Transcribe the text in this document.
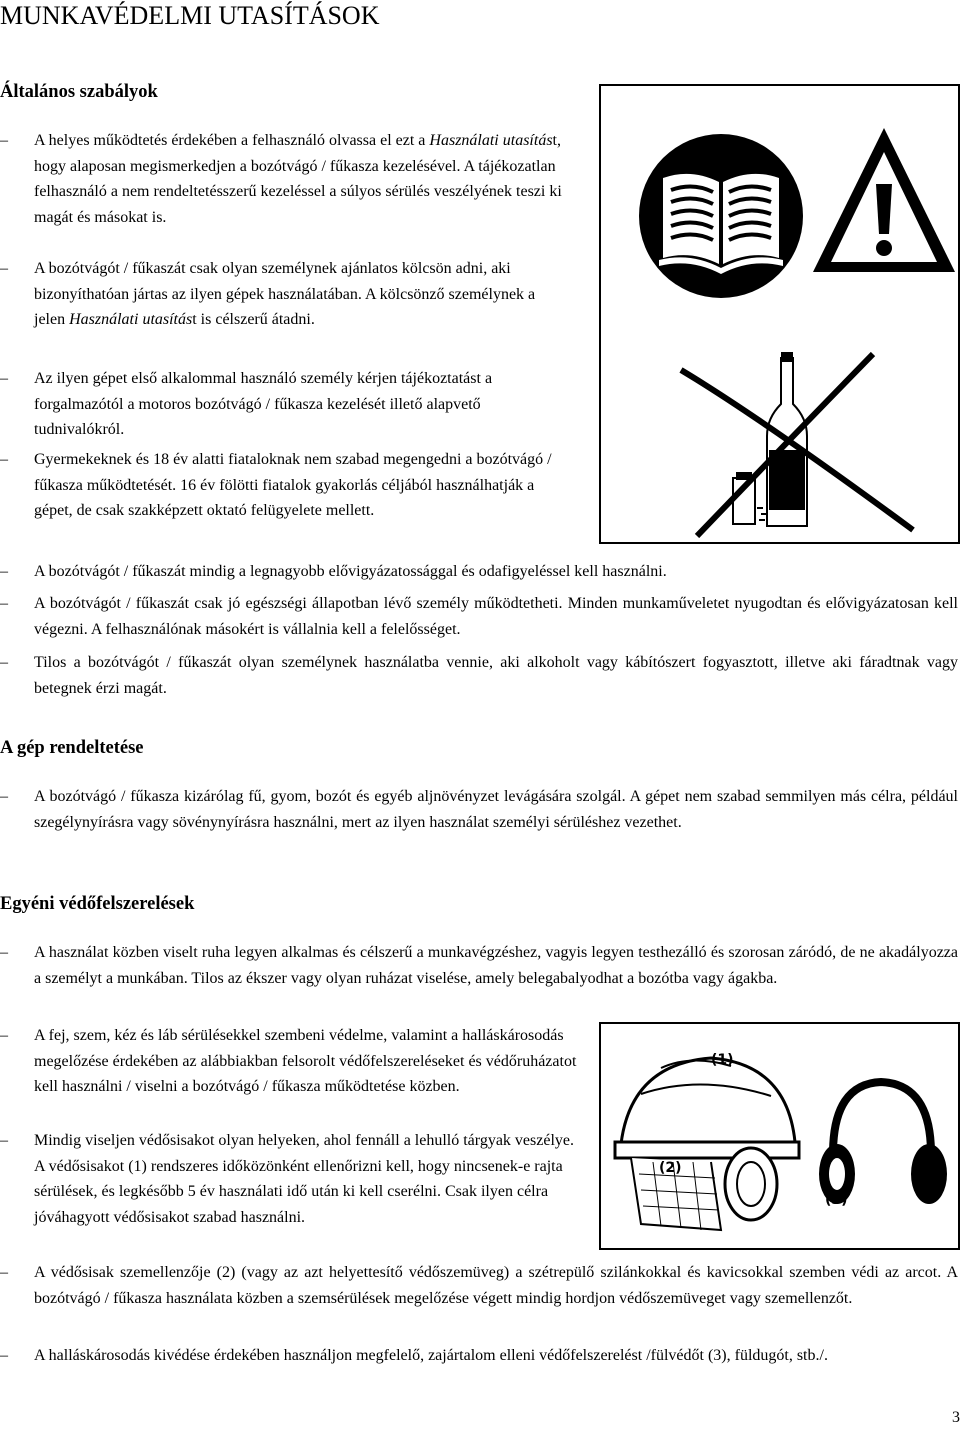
MUNKAVÉDELMI UTASÍTÁSOK
Általános szabályok
– A helyes működtetés érdekében a felhasználó olvassa el ezt a Használati utasítást, hogy alaposan megismerkedjen a bozótvágó / fűkasza kezelésével. A tájékozatlan felhasználó a nem rendeltetésszerű kezeléssel a súlyos sérülés veszélyének teszi ki magát és másokat is.

– A bozótvágót / fűkaszát csak olyan személynek ajánlatos kölcsön adni, aki bizonyíthatóan jártas az ilyen gépek használatában. A kölcsönző személynek a jelen Használati utasítást is célszerű átadni.

– Az ilyen gépet első alkalommal használó személy kérjen tájékoztatást a forgalmazótól a motoros bozótvágó / fűkasza kezelését illető alapvető tudnivalókról.

– Gyermekeknek és 18 év alatti fiataloknak nem szabad megengedni a bozótvágó / fűkasza működtetését. 16 év fölötti fiatalok gyakorlás céljából használhatják a gépet, de csak szakképzett oktató felügyelete mellett.

– A bozótvágót / fűkaszát mindig a legnagyobb elővigyázatossággal és odafigyeléssel kell használni.

– A bozótvágót / fűkaszát csak jó egészségi állapotban lévő személy működtetheti. Minden munkaműveletet nyugodtan és elővigyázatosan kell végezni. A felhasználónak másokért is vállalnia kell a felelősséget.

– Tilos a bozótvágót / fűkaszát olyan személynek használatba vennie, aki alkoholt vagy kábítószert fogyasztott, illetve aki fáradtnak vagy betegnek érzi magát.

A gép rendeltetése
– A bozótvágó / fűkasza kizárólag fű, gyom, bozót és egyéb aljnövényzet levágására szolgál. A gépet nem szabad semmilyen más célra, például szegélynyírásra vagy sövénynyírásra használni, mert az ilyen használat személyi sérüléshez vezethet.

Egyéni védőfelszerelések
– A használat közben viselt ruha legyen alkalmas és célszerű a munkavégzéshez, vagyis legyen testhezálló és szorosan záródó, de ne akadályozza a személyt a munkában. Tilos az ékszer vagy olyan ruházat viselése, amely belegabalyodhat a bozótba vagy ágakba.

– A fej, szem, kéz és láb sérülésekkel szembeni védelme, valamint a halláskárosodás megelőzése érdekében az alábbiakban felsorolt védőfelszereléseket és védőruházatot kell használni / viselni a bozótvágó / fűkasza működtetése közben.

– Mindig viseljen védősisakot olyan helyeken, ahol fennáll a lehulló tárgyak veszélye. A védősisakot (1) rendszeres időközönként ellenőrizni kell, hogy nincsenek-e rajta sérülések, és legkésőbb 5 év használati idő után ki kell cserélni. Csak ilyen célra jóváhagyott védősisakot szabad használni.

– A védősisak szemellenzője (2) (vagy az azt helyettesítő védőszemüveg) a szétrepülő szilánkokkal és kavicsokkal szemben védi az arcot. A bozótvágó / fűkasza használata közben a szemsérülések megelőzése végett mindig hordjon védőszemüveget vagy szemellenzőt.

– A halláskárosodás kivédése érdekében használjon megfelelő, zajártalom elleni védőfelszerelést /fülvédőt (3), füldugót, stb./.

(1)
(2)
(3)
3
